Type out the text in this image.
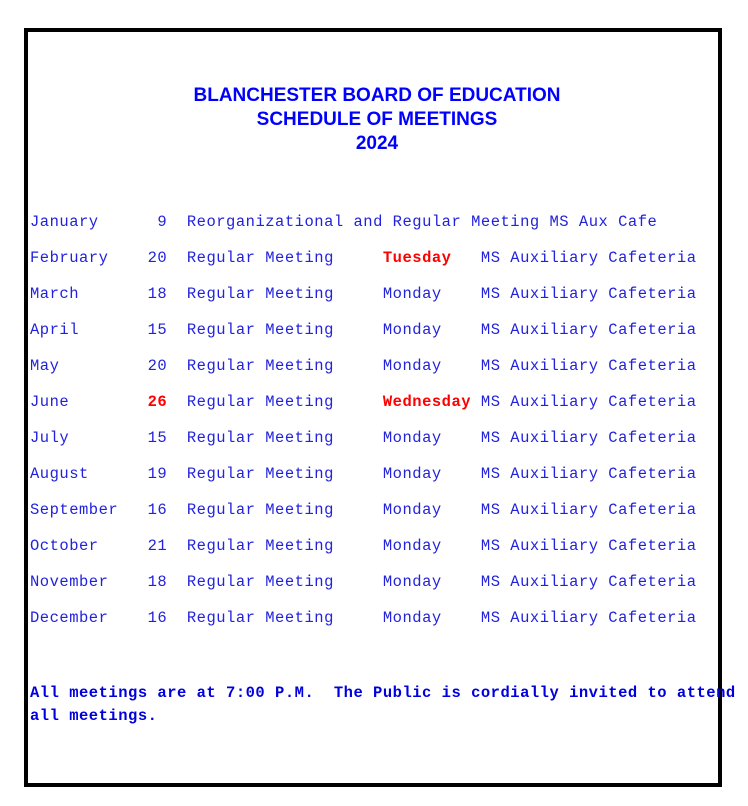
BLANCHESTER BOARD OF EDUCATION
SCHEDULE OF MEETINGS
2024
January      9  Reorganizational and Regular Meeting MS Aux Cafe
February    20  Regular Meeting     Tuesday   MS Auxiliary Cafeteria
March       18  Regular Meeting     Monday    MS Auxiliary Cafeteria
April       15  Regular Meeting     Monday    MS Auxiliary Cafeteria
May         20  Regular Meeting     Monday    MS Auxiliary Cafeteria
June        26  Regular Meeting     Wednesday MS Auxiliary Cafeteria
July        15  Regular Meeting     Monday    MS Auxiliary Cafeteria
August      19  Regular Meeting     Monday    MS Auxiliary Cafeteria
September   16  Regular Meeting     Monday    MS Auxiliary Cafeteria
October     21  Regular Meeting     Monday    MS Auxiliary Cafeteria
November    18  Regular Meeting     Monday    MS Auxiliary Cafeteria
December    16  Regular Meeting     Monday    MS Auxiliary Cafeteria
All meetings are at 7:00 P.M.  The Public is cordially invited to attend
all meetings.
